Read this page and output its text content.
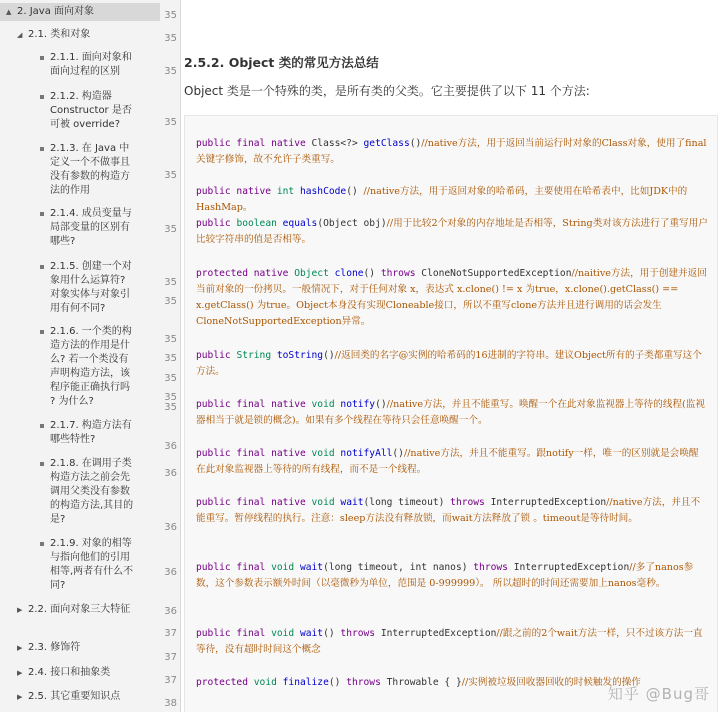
▲ 2. Java 面向对象
◢ 2.1. 类和对象
2.1.1. 面向对象和面向过程的区别
2.1.2. 构造器 Constructor 是否可被 override?
2.1.3. 在 Java 中定义一个不做事且没有参数的构造方法的作用
2.1.4. 成员变量与局部变量的区别有哪些?
2.1.5. 创建一个对象用什么运算符?对象实体与对象引用有何不同?
2.1.6. 一个类的构造方法的作用是什么? 若一个类没有声明构造方法，该程序能正确执行吗 ? 为什么?
2.1.7. 构造方法有哪些特性?
2.1.8. 在调用子类构造方法之前会先调用父类没有参数的构造方法,其目的是?
2.1.9. 对象的相等与指向他们的引用相等,两者有什么不同?
▶ 2.2. 面向对象三大特征
▶ 2.3. 修饰符
▶ 2.4. 接口和抽象类
▶ 2.5. 其它重要知识点
35
35
35
35
35
35
35
35
35
35
35
35
35
36
36
36
36
36
37
37
37
38
2.5.2. Object 类的常见方法总结
Object 类是一个特殊的类，是所有类的父类。它主要提供了以下 11 个方法:
public final native Class<?> getClass()//native方法，用于返回当前运行时对象的Class对象，使用了final关键字修饰，故不允许子类重写。
public native int hashCode() //native方法，用于返回对象的哈希码，主要使用在哈希表中，比如JDK中的HashMap。
public boolean equals(Object obj)//用于比较2个对象的内存地址是否相等，String类对该方法进行了重写用户比较字符串的值是否相等。
protected native Object clone() throws CloneNotSupportedException//naitive方法，用于创建并返回当前对象的一份拷贝。一般情况下，对于任何对象 x，表达式 x.clone() != x 为true，x.clone().getClass() == x.getClass() 为true。Object本身没有实现Cloneable接口，所以不重写clone方法并且进行调用的话会发生CloneNotSupportedException异常。
public String toString()//返回类的名字@实例的哈希码的16进制的字符串。建议Object所有的子类都重写这个方法。
public final native void notify()//native方法，并且不能重写。唤醒一个在此对象监视器上等待的线程(监视器相当于就是锁的概念)。如果有多个线程在等待只会任意唤醒一个。
public final native void notifyAll()//native方法，并且不能重写。跟notify一样，唯一的区别就是会唤醒在此对象监视器上等待的所有线程，而不是一个线程。
public final native void wait(long timeout) throws InterruptedException//native方法，并且不能重写。暂停线程的执行。注意：sleep方法没有释放锁，而wait方法释放了锁 。timeout是等待时间。
public final void wait(long timeout, int nanos) throws InterruptedException//多了nanos参数，这个参数表示额外时间（以毫微秒为单位，范围是 0-999999）。 所以超时的时间还需要加上nanos毫秒。
public final void wait() throws InterruptedException//跟之前的2个wait方法一样，只不过该方法一直等待，没有超时时间这个概念
protected void finalize() throws Throwable { }//实例被垃圾回收器回收的时候触发的操作
知乎 @Bug哥
